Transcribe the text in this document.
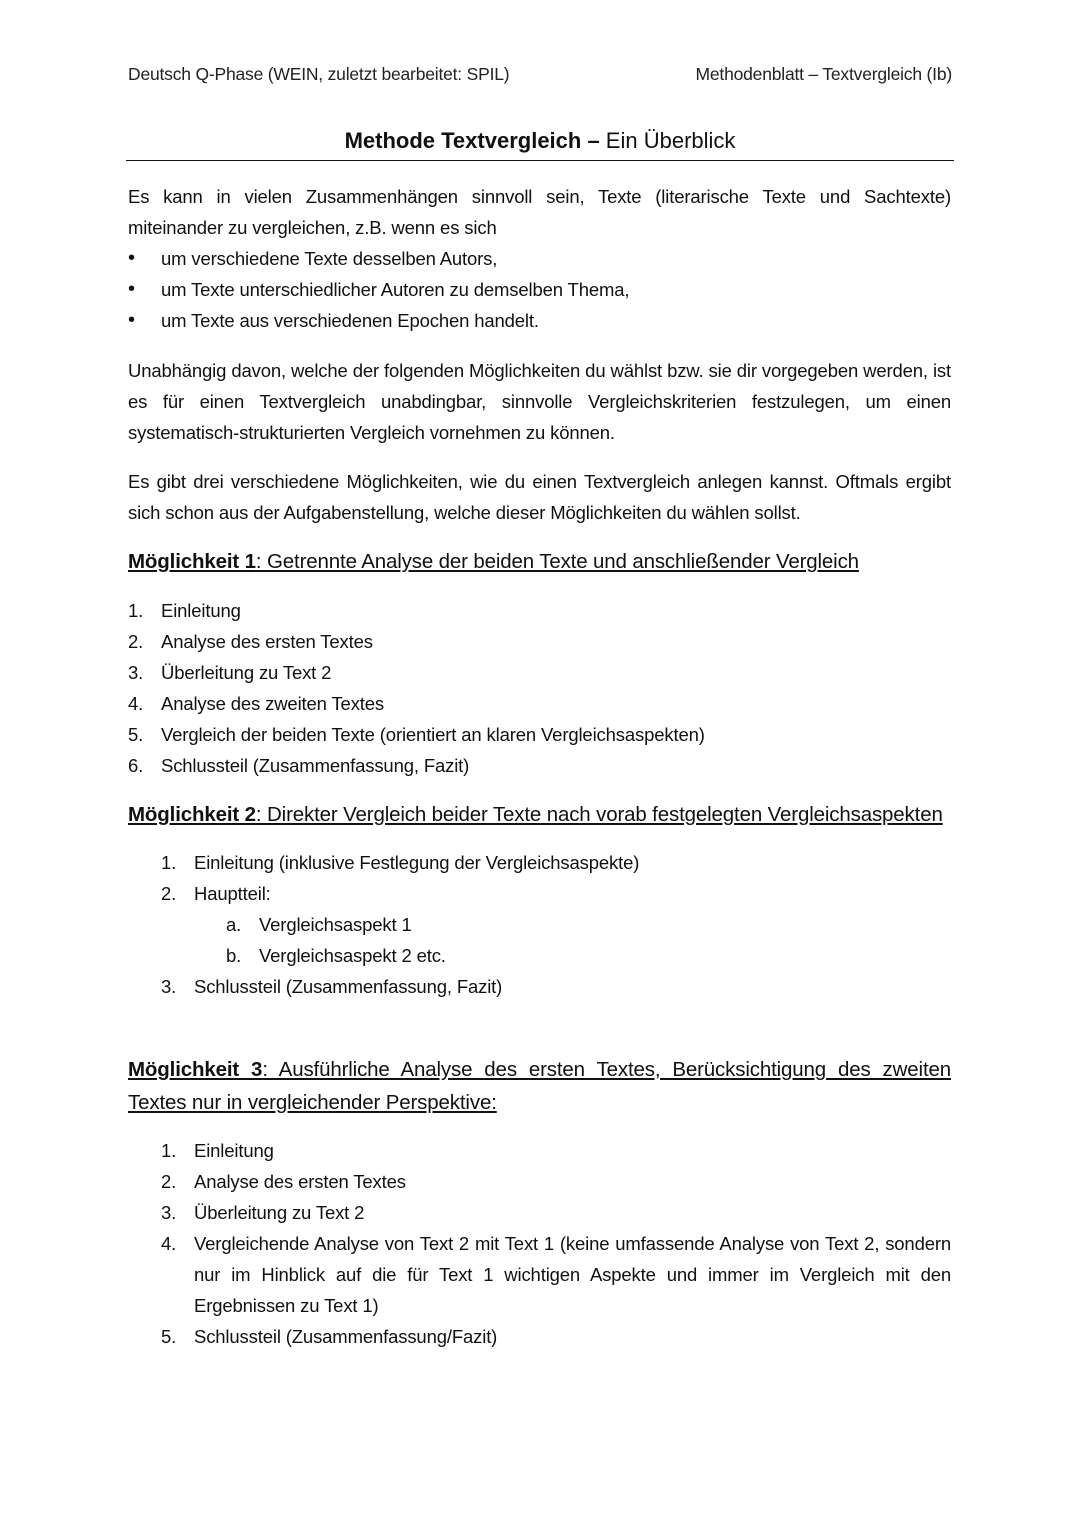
Deutsch Q-Phase (WEIN, zuletzt bearbeitet: SPIL)	Methodenblatt – Textvergleich (Ib)
Methode Textvergleich – Ein Überblick

Es kann in vielen Zusammenhängen sinnvoll sein, Texte (literarische Texte und Sachtexte) miteinander zu vergleichen, z.B. wenn es sich

• um verschiedene Texte desselben Autors,
• um Texte unterschiedlicher Autoren zu demselben Thema,
• um Texte aus verschiedenen Epochen handelt.

Unabhängig davon, welche der folgenden Möglichkeiten du wählst bzw. sie dir vorgegeben werden, ist es für einen Textvergleich unabdingbar, sinnvolle Vergleichskriterien festzulegen, um einen systematisch-strukturierten Vergleich vornehmen zu können.

Es gibt drei verschiedene Möglichkeiten, wie du einen Textvergleich anlegen kannst. Oftmals ergibt sich schon aus der Aufgabenstellung, welche dieser Möglichkeiten du wählen sollst.

Möglichkeit 1: Getrennte Analyse der beiden Texte und anschließender Vergleich
1. Einleitung
2. Analyse des ersten Textes
3. Überleitung zu Text 2
4. Analyse des zweiten Textes
5. Vergleich der beiden Texte (orientiert an klaren Vergleichsaspekten)
6. Schlussteil (Zusammenfassung, Fazit)
Möglichkeit 2: Direkter Vergleich beider Texte nach vorab festgelegten Vergleichsaspekten
1. Einleitung (inklusive Festlegung der Vergleichsaspekte)
2. Hauptteil:
a. Vergleichsaspekt 1
b. Vergleichsaspekt 2 etc.
3. Schlussteil (Zusammenfassung, Fazit)
Möglichkeit 3: Ausführliche Analyse des ersten Textes, Berücksichtigung des zweiten Textes nur in vergleichender Perspektive:
1. Einleitung
2. Analyse des ersten Textes
3. Überleitung zu Text 2
4. Vergleichende Analyse von Text 2 mit Text 1 (keine umfassende Analyse von Text 2, sondern nur im Hinblick auf die für Text 1 wichtigen Aspekte und immer im Vergleich mit den Ergebnissen zu Text 1)
5. Schlussteil (Zusammenfassung/Fazit)
